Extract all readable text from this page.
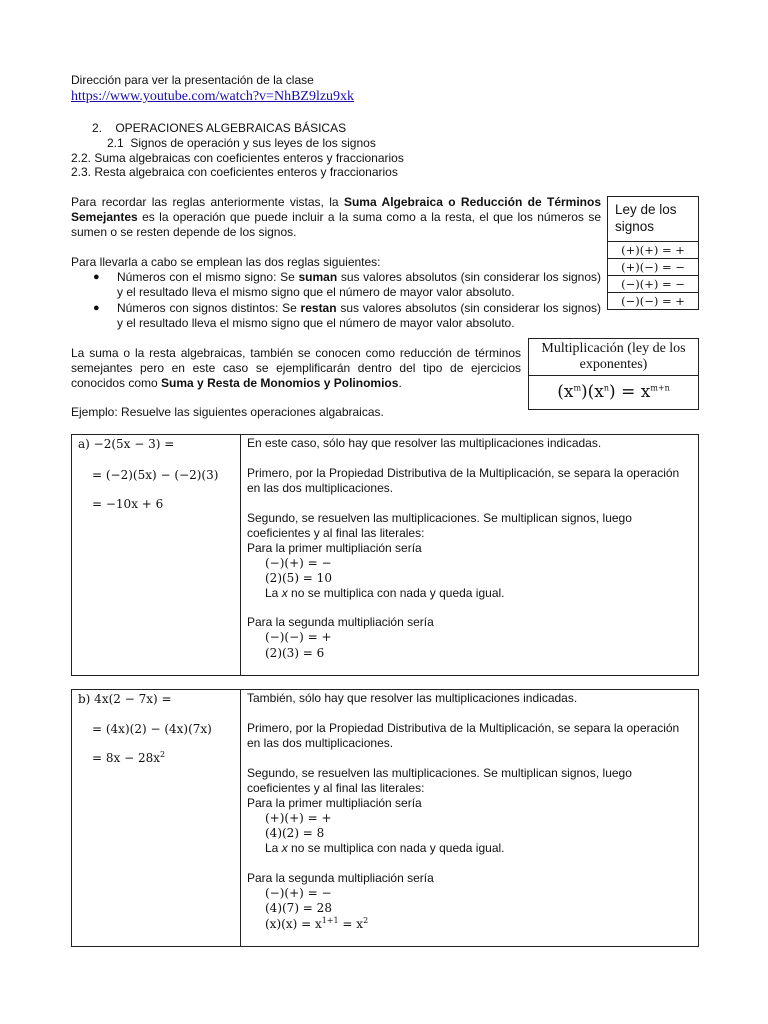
Dirección para ver la presentación de la clase
https://www.youtube.com/watch?v=NhBZ9lzu9xk
2.    OPERACIONES ALGEBRAICAS BÁSICAS
2.1  Signos de operación y sus leyes de los signos
2.2. Suma algebraicas con coeficientes enteros y fraccionarios
2.3. Resta algebraica con coeficientes enteros y fraccionarios
Para recordar las reglas anteriormente vistas, la Suma Algebraica o Reducción de Términos Semejantes es la operación que puede incluir a la suma como a la resta, el que los números se sumen o se resten depende de los signos.
Para llevarla a cabo se emplean las dos reglas siguientes:
● Números con el mismo signo: Se suman sus valores absolutos (sin considerar los signos) y el resultado lleva el mismo signo que el número de mayor valor absoluto.
● Números con signos distintos: Se restan sus valores absolutos (sin considerar los signos) y el resultado lleva el mismo signo que el número de mayor valor absoluto.
Ley de los signos
(+)(+) = +
(+)(−) = −
(−)(+) = −
(−)(−) = +
La suma o la resta algebraicas, también se conocen como reducción de términos semejantes pero en este caso se ejemplificarán dentro del tipo de ejercicios conocidos como Suma y Resta de Monomios y Polinomios.
Multiplicación (ley de los exponentes)
$(x^m)(x^n) = x^{m+n}$
Ejemplo: Resuelve las siguientes operaciones algabraicas.
a) −2(5x − 3) =
= (−2)(5x) − (−2)(3)
= −10x + 6
En este caso, sólo hay que resolver las multiplicaciones indicadas.
Primero, por la Propiedad Distributiva de la Multiplicación, se separa la operación
en las dos multiplicaciones.
Segundo, se resuelven las multiplicaciones. Se multiplican signos, luego
coeficientes y al final las literales:
Para la primer multipliación sería
(−)(+) = −
(2)(5) = 10
La x no se multiplica con nada y queda igual.
Para la segunda multipliación sería
(−)(−) = +
(2)(3) = 6
b) 4x(2 − 7x) =
= (4x)(2) − (4x)(7x)
= $8x - 28x^2$
También, sólo hay que resolver las multiplicaciones indicadas.
Primero, por la Propiedad Distributiva de la Multiplicación, se separa la operación
en las dos multiplicaciones.
Segundo, se resuelven las multiplicaciones. Se multiplican signos, luego
coeficientes y al final las literales:
Para la primer multipliación sería
(+)(+) = +
(4)(2) = 8
La x no se multiplica con nada y queda igual.
Para la segunda multipliación sería
(−)(+) = −
(4)(7) = 28
$(x)(x) = x^{1+1} = x^2$
